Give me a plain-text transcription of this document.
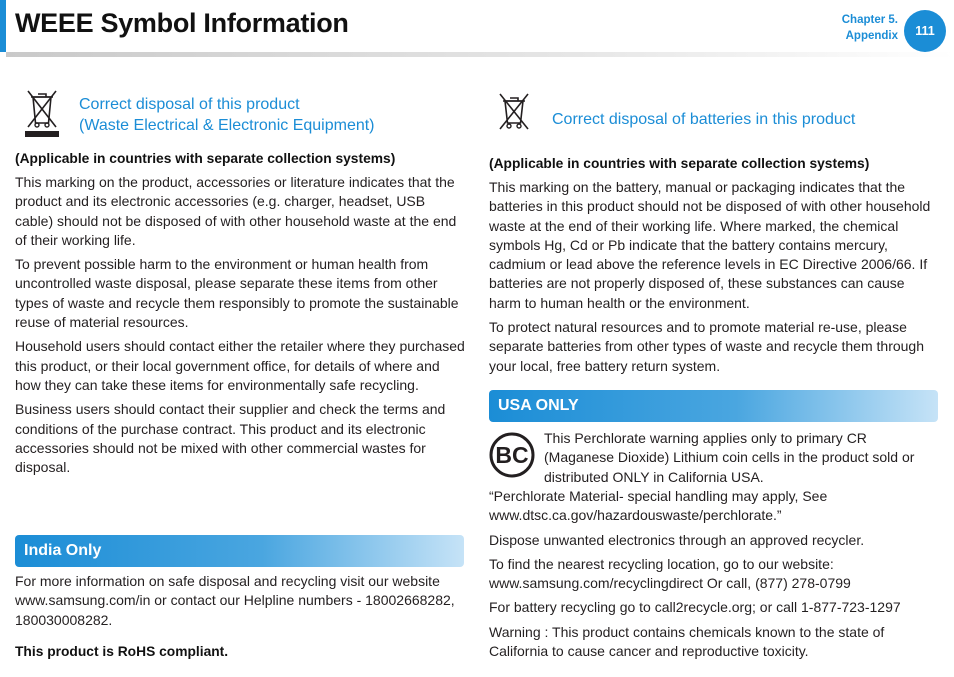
WEEE Symbol Information	Chapter 5.
Appendix	111
Correct disposal of this product
(Waste Electrical & Electronic Equipment)
(Applicable in countries with separate collection systems)

This marking on the product, accessories or literature indicates that the product and its electronic accessories (e.g. charger, headset, USB cable) should not be disposed of with other household waste at the end of their working life.

To prevent possible harm to the environment or human health from uncontrolled waste disposal, please separate these items from other types of waste and recycle them responsibly to promote the sustainable reuse of material resources.

Household users should contact either the retailer where they purchased this product, or their local government office, for details of where and how they can take these items for environmentally safe recycling.

Business users should contact their supplier and check the terms and conditions of the purchase contract. This product and its electronic accessories should not be mixed with other commercial wastes for disposal.

India Only
For more information on safe disposal and recycling visit our website www.samsung.com/in or contact our Helpline numbers - 18002668282, 180030008282.
This product is RoHS compliant.
Correct disposal of batteries in this product
(Applicable in countries with separate collection systems)

This marking on the battery, manual or packaging indicates that the batteries in this product should not be disposed of with other household waste at the end of their working life. Where marked, the chemical symbols Hg, Cd or Pb indicate that the battery contains mercury, cadmium or lead above the reference levels in EC Directive 2006/66. If batteries are not properly disposed of, these substances can cause harm to human health or the environment.

To protect natural resources and to promote material re-use, please separate batteries from other types of waste and recycle them through your local, free battery return system.

USA ONLY
BC
This Perchlorate warning applies only to primary CR (Maganese Dioxide) Lithium coin cells in the product sold or distributed ONLY in California USA.

“Perchlorate Material- special handling may apply, See www.dtsc.ca.gov/hazardouswaste/perchlorate.”

Dispose unwanted electronics through an approved recycler.

To find the nearest recycling location, go to our website: www.samsung.com/recyclingdirect Or call, (877) 278-0799

For battery recycling go to call2recycle.org; or call 1-877-723-1297

Warning : This product contains chemicals known to the state of California to cause cancer and reproductive toxicity.
